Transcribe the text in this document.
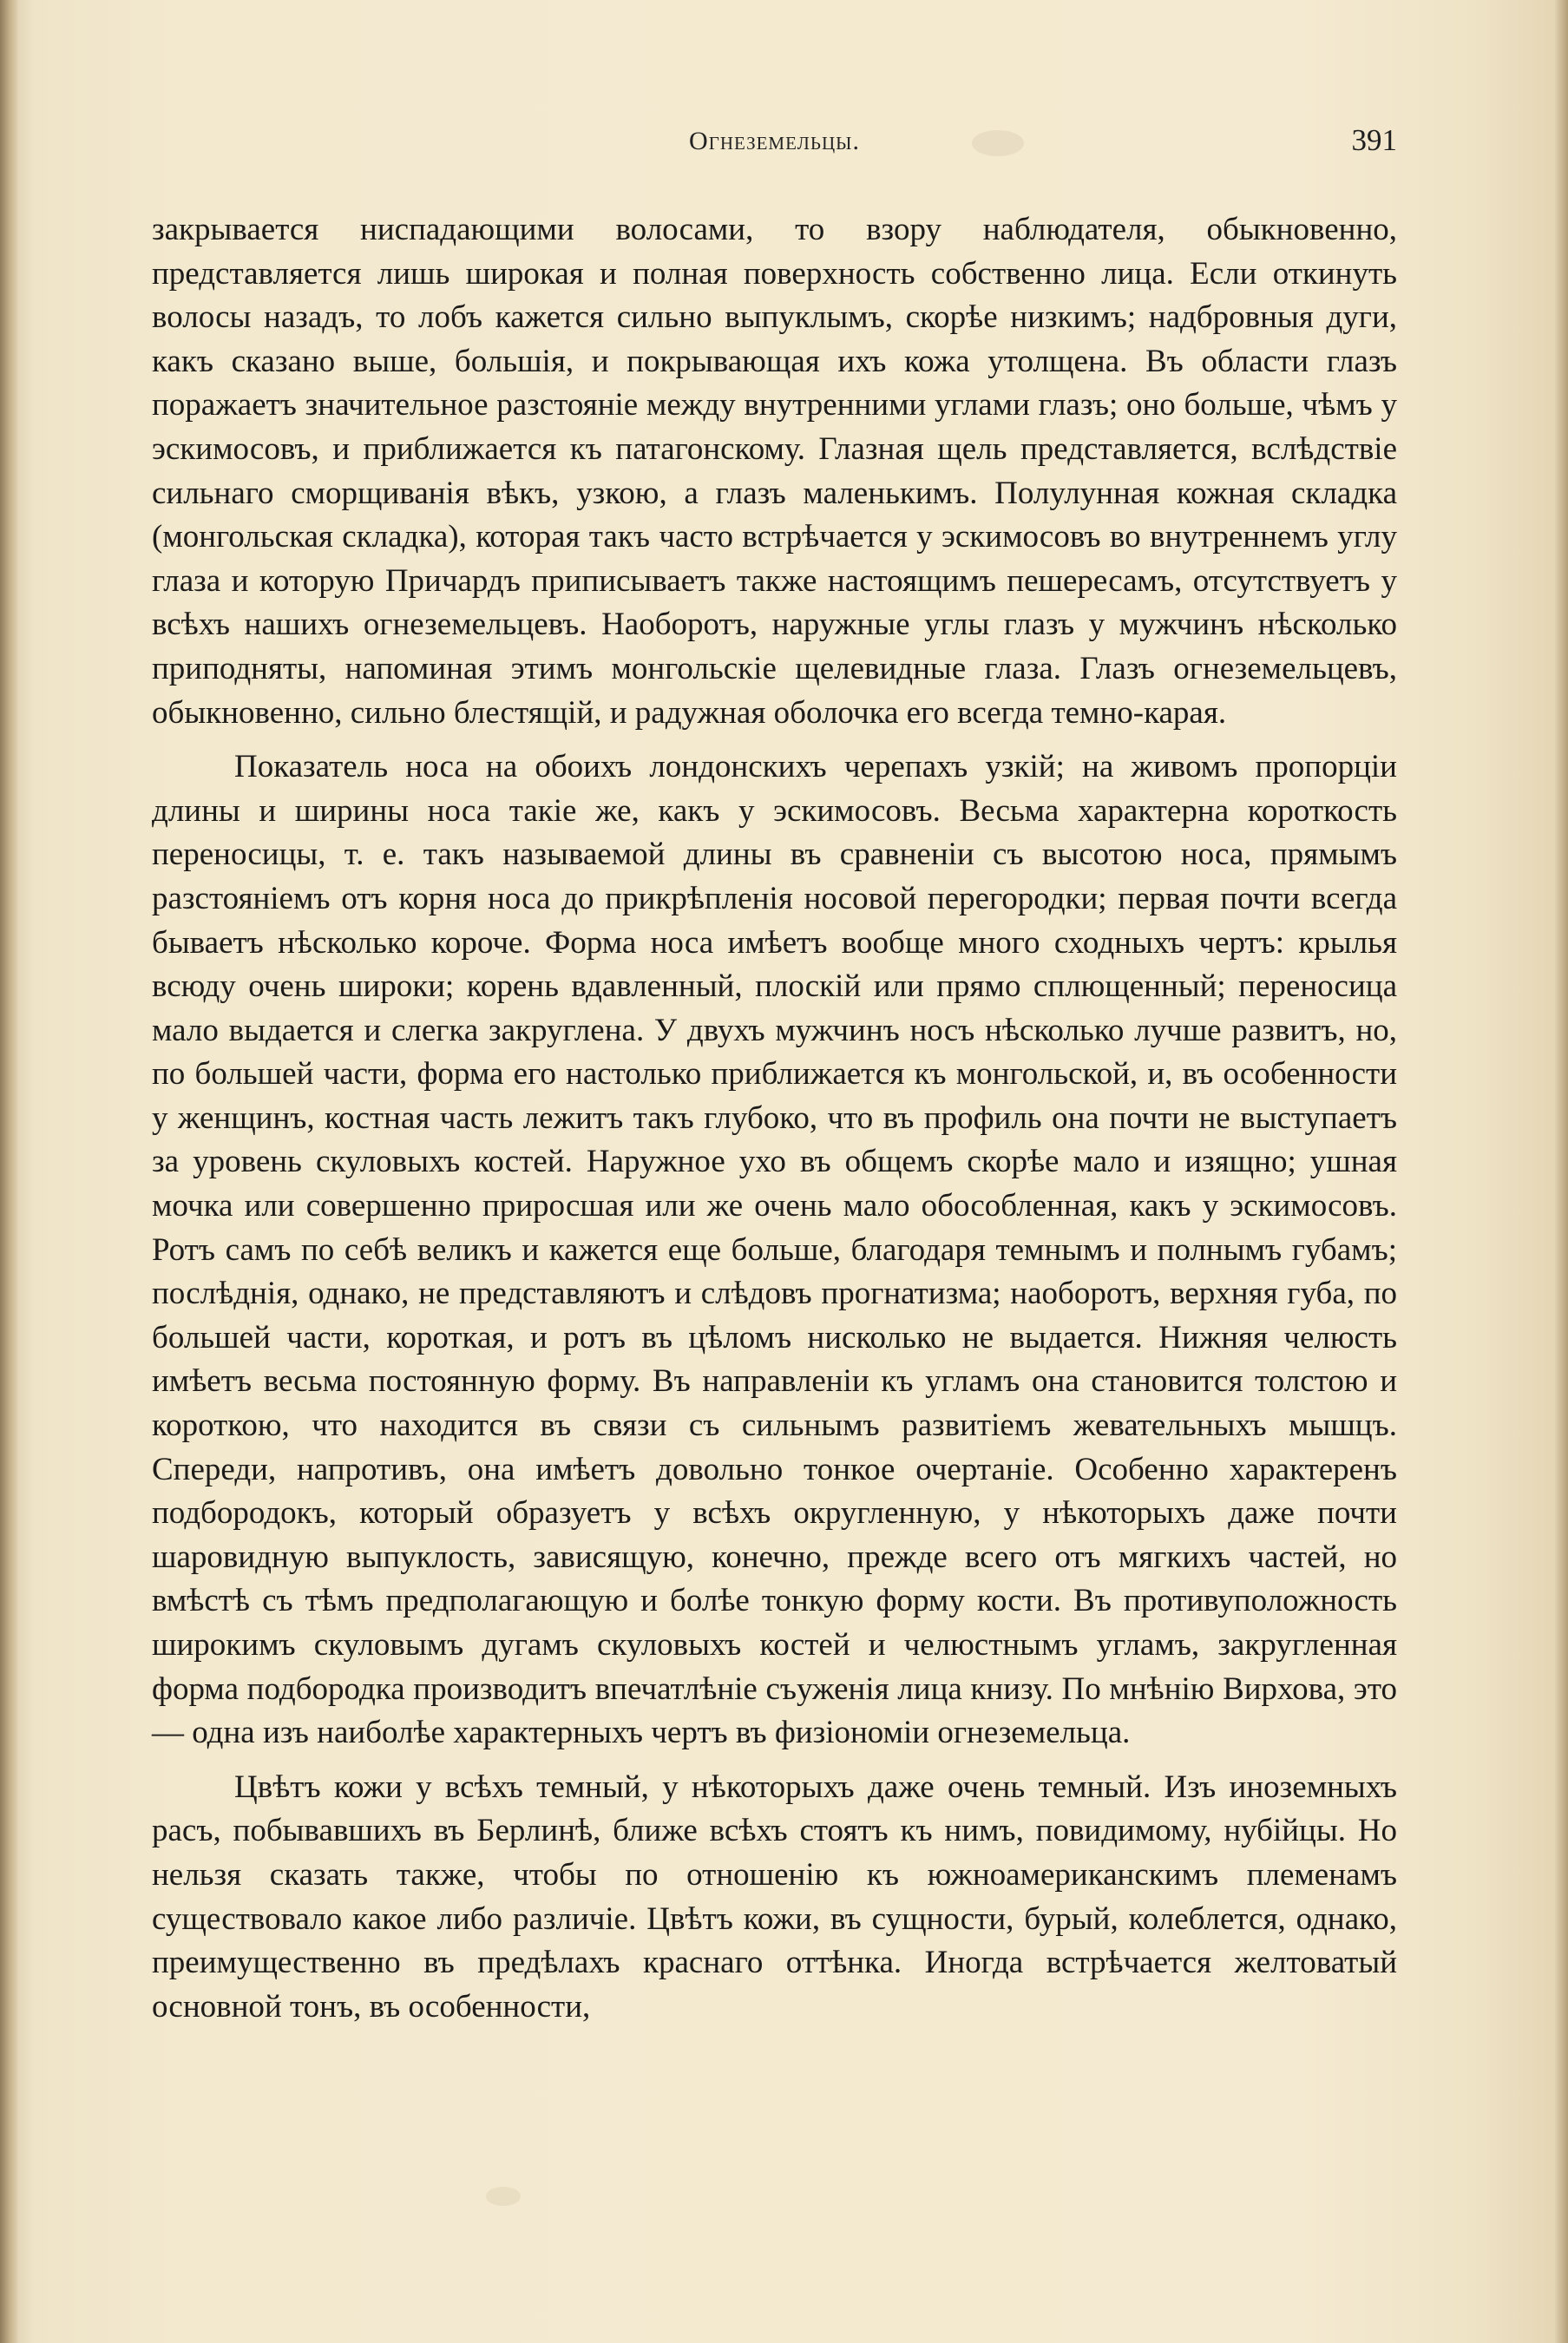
Огнеземельцы.	391

закрывается ниспадающими волосами, то взору наблюдателя, обыкновенно, представляется лишь широкая и полная поверхность собственно лица. Если откинуть волосы назадъ, то лобъ кажется сильно выпуклымъ, скорѣе низкимъ; надбровныя дуги, какъ сказано выше, большія, и покрывающая ихъ кожа утолщена. Въ области глазъ поражаетъ значительное разстояніе между внутренними углами глазъ; оно больше, чѣмъ у эскимосовъ, и приближается къ патагонскому. Глазная щель представляется, вслѣдствіе сильнаго сморщиванія вѣкъ, узкою, а глазъ маленькимъ. Полулунная кожная складка (монгольская складка), которая такъ часто встрѣчается у эскимосовъ во внутреннемъ углу глаза и которую Причардъ приписываетъ также настоящимъ пешересамъ, отсутствуетъ у всѣхъ нашихъ огнеземельцевъ. Наоборотъ, наружные углы глазъ у мужчинъ нѣсколько приподняты, напоминая этимъ монгольскіе щелевидные глаза. Глазъ огнеземельцевъ, обыкновенно, сильно блестящій, и радужная оболочка его всегда темно-карая.

Показатель носа на обоихъ лондонскихъ черепахъ узкій; на живомъ пропорціи длины и ширины носа такіе же, какъ у эскимосовъ. Весьма характерна короткость переносицы, т. е. такъ называемой длины въ сравненіи съ высотою носа, прямымъ разстояніемъ отъ корня носа до прикрѣпленія носовой перегородки; первая почти всегда бываетъ нѣсколько короче. Форма носа имѣетъ вообще много сходныхъ чертъ: крылья всюду очень широки; корень вдавленный, плоскій или прямо сплющенный; переносица мало выдается и слегка закруглена. У двухъ мужчинъ носъ нѣсколько лучше развитъ, но, по большей части, форма его настолько приближается къ монгольской, и, въ особенности у женщинъ, костная часть лежитъ такъ глубоко, что въ профиль она почти не выступаетъ за уровень скуловыхъ костей. Наружное ухо въ общемъ скорѣе мало и изящно; ушная мочка или совершенно приросшая или же очень мало обособленная, какъ у эскимосовъ. Ротъ самъ по себѣ великъ и кажется еще больше, благодаря темнымъ и полнымъ губамъ; послѣднія, однако, не представляютъ и слѣдовъ прогнатизма; наоборотъ, верхняя губа, по большей части, короткая, и ротъ въ цѣломъ нисколько не выдается. Нижняя челюсть имѣетъ весьма постоянную форму. Въ направленіи къ угламъ она становится толстою и короткою, что находится въ связи съ сильнымъ развитіемъ жевательныхъ мышцъ. Спереди, напротивъ, она имѣетъ довольно тонкое очертаніе. Особенно характеренъ подбородокъ, который образуетъ у всѣхъ округленную, у нѣкоторыхъ даже почти шаровидную выпуклость, зависящую, конечно, прежде всего отъ мягкихъ частей, но вмѣстѣ съ тѣмъ предполагающую и болѣе тонкую форму кости. Въ противуположность широкимъ скуловымъ дугамъ скуловыхъ костей и челюстнымъ угламъ, закругленная форма подбородка производитъ впечатлѣніе съуженія лица книзу. По мнѣнію Вирхова, это — одна изъ наиболѣе характерныхъ чертъ въ физіономіи огнеземельца.

Цвѣтъ кожи у всѣхъ темный, у нѣкоторыхъ даже очень темный. Изъ иноземныхъ расъ, побывавшихъ въ Берлинѣ, ближе всѣхъ стоятъ къ нимъ, повидимому, нубійцы. Но нельзя сказать также, чтобы по отношенію къ южноамериканскимъ племенамъ существовало какое либо различіе. Цвѣтъ кожи, въ сущности, бурый, колеблется, однако, преимущественно въ предѣлахъ краснаго оттѣнка. Иногда встрѣчается желтоватый основной тонъ, въ особенности,
